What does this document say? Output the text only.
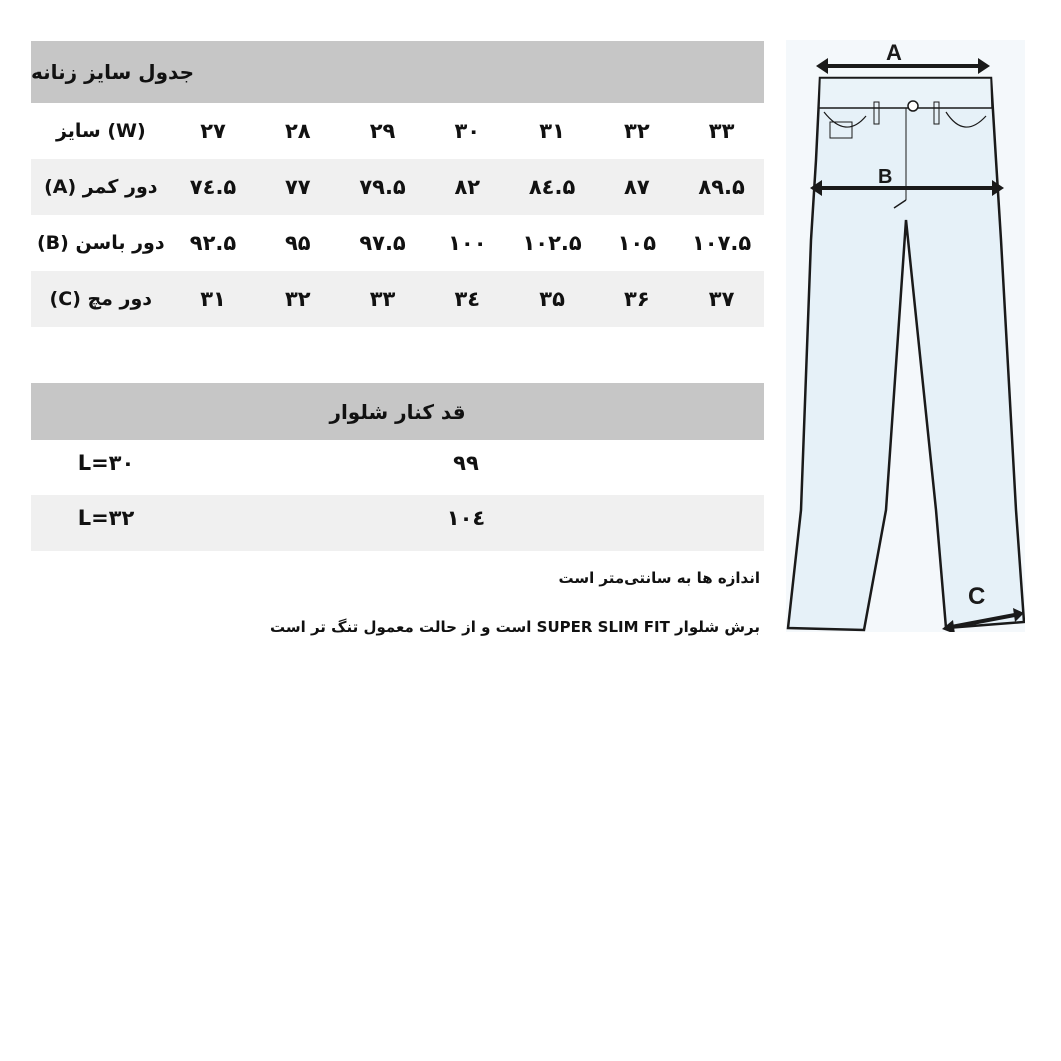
جدول سایز زنانه
(W) سایز	۲۷	۲۸	۲۹	۳۰	۳۱	۳۲	۳۳
دور کمر (A)	۷٤.۵	۷۷	۷۹.۵	۸۲	۸٤.۵	۸۷	۸۹.۵
دور باسن (B)	۹۲.۵	۹۵	۹۷.۵	۱۰۰	۱۰۲.۵	۱۰۵	۱۰۷.۵
دور مچ (C)	۳۱	۳۲	۳۳	۳٤	۳۵	۳۶	۳۷
قد کنار شلوار
L=۳۰	۹۹
L=۳۲	۱۰٤
اندازه ها به سانتی‌متر است
برش شلوار SUPER SLIM FIT است و از حالت معمول تنگ تر است
A
B
C
